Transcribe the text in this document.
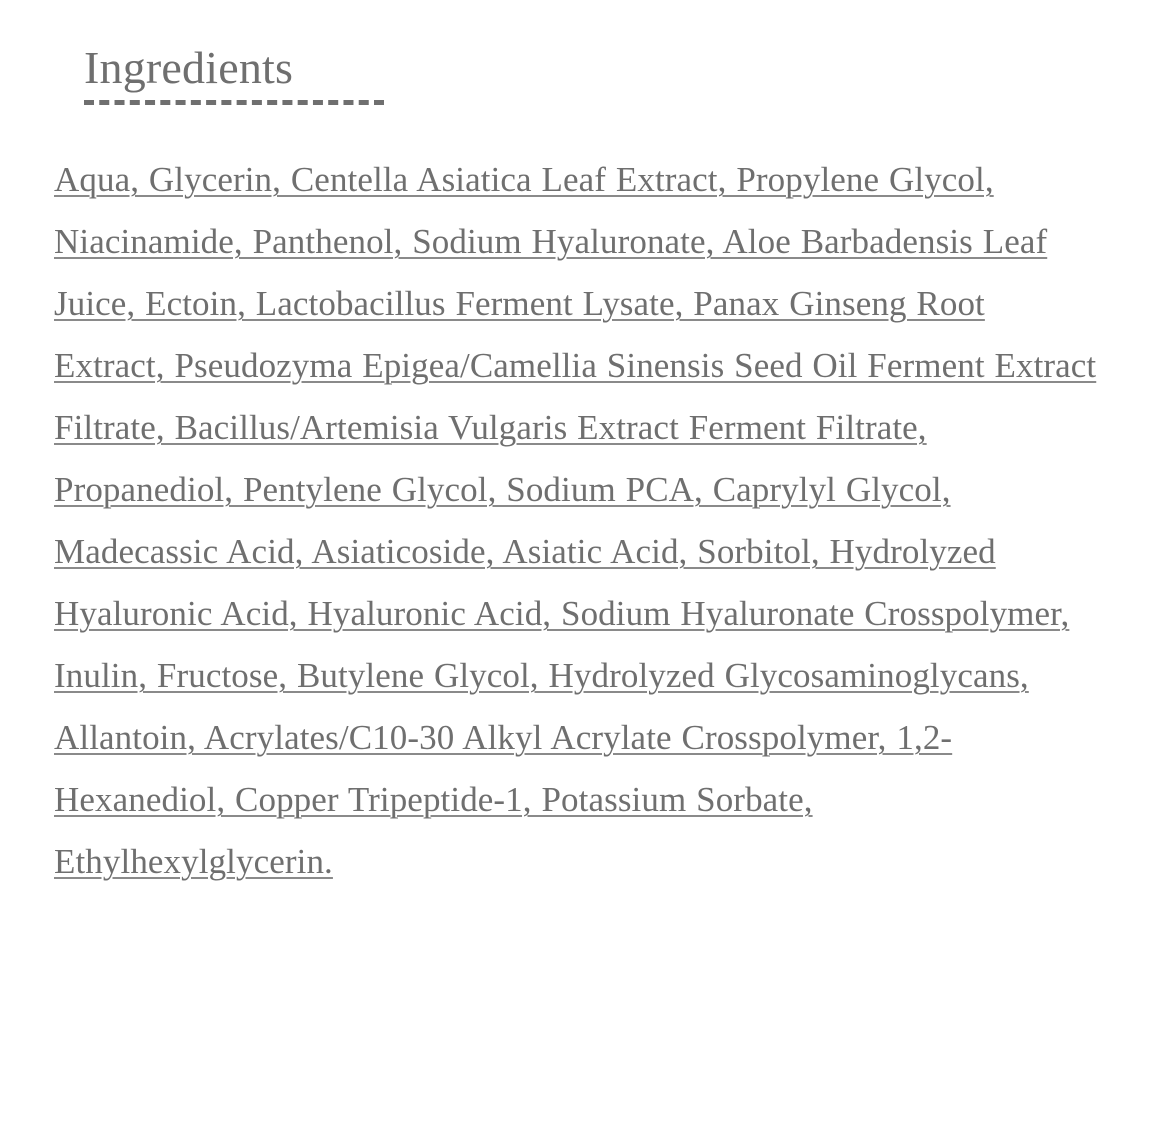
Ingredients

Aqua, Glycerin, Centella Asiatica Leaf Extract, Propylene Glycol, Niacinamide, Panthenol, Sodium Hyaluronate, Aloe Barbadensis Leaf Juice, Ectoin, Lactobacillus Ferment Lysate, Panax Ginseng Root Extract, Pseudozyma Epigea/Camellia Sinensis Seed Oil Ferment Extract Filtrate, Bacillus/Artemisia Vulgaris Extract Ferment Filtrate, Propanediol, Pentylene Glycol, Sodium PCA, Caprylyl Glycol, Madecassic Acid, Asiaticoside, Asiatic Acid, Sorbitol, Hydrolyzed Hyaluronic Acid, Hyaluronic Acid, Sodium Hyaluronate Crosspolymer, Inulin, Fructose, Butylene Glycol, Hydrolyzed Glycosaminoglycans, Allantoin, Acrylates/C10-30 Alkyl Acrylate Crosspolymer, 1,2-Hexanediol, Copper Tripeptide-1, Potassium Sorbate, Ethylhexylglycerin.
